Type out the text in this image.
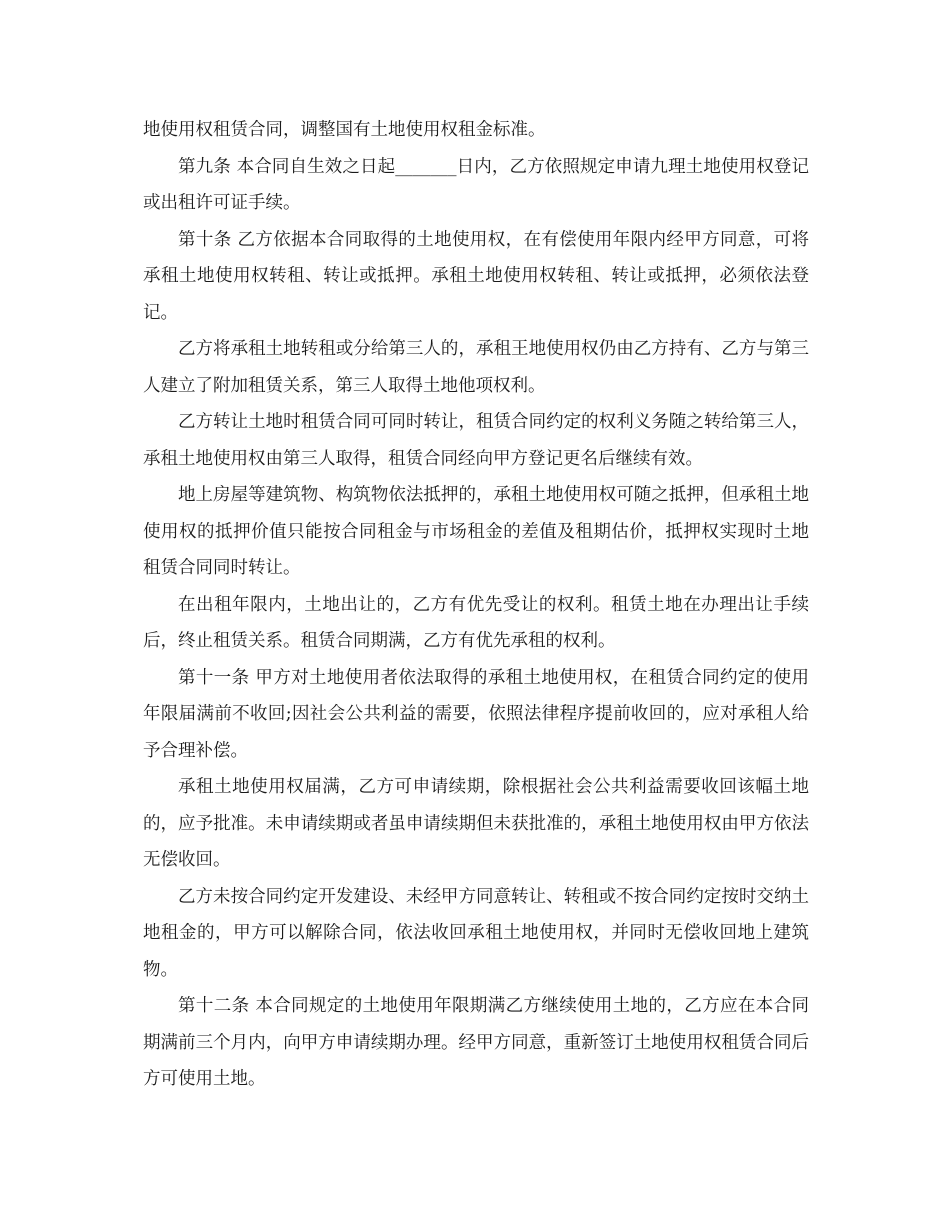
地使用权租赁合同，调整国有土地使用权租金标准。

第九条 本合同自生效之日起_______日内，乙方依照规定申请九理土地使用权登记或出租许可证手续。

第十条 乙方依据本合同取得的土地使用权，在有偿使用年限内经甲方同意，可将承租土地使用权转租、转让或抵押。承租土地使用权转租、转让或抵押，必须依法登记。

乙方将承租土地转租或分给第三人的，承租王地使用权仍由乙方持有、乙方与第三人建立了附加租赁关系，第三人取得土地他项权利。

乙方转让土地时租赁合同可同时转让，租赁合同约定的权利义务随之转给第三人，承租土地使用权由第三人取得，租赁合同经向甲方登记更名后继续有效。

地上房屋等建筑物、构筑物依法抵押的，承租土地使用权可随之抵押，但承租土地使用权的抵押价值只能按合同租金与市场租金的差值及租期估价，抵押权实现时土地 租赁合同同时转让。

在出租年限内，土地出让的，乙方有优先受让的权利。租赁土地在办理出让手续后，终止租赁关系。租赁合同期满，乙方有优先承租的权利。

第十一条 甲方对土地使用者依法取得的承租土地使用权，在租赁合同约定的使用年限届满前不收回;因社会公共利益的需要，依照法律程序提前收回的，应对承租人给予合理补偿。

承租土地使用权届满，乙方可申请续期，除根据社会公共利益需要收回该幅土地的，应予批准。未申请续期或者虽申请续期但未获批准的，承租土地使用权由甲方依法 无偿收回。

乙方未按合同约定开发建设、未经甲方同意转让、转租或不按合同约定按时交纳土地租金的，甲方可以解除合同，依法收回承租土地使用权，并同时无偿收回地上建筑物。

第十二条 本合同规定的土地使用年限期满乙方继续使用土地的，乙方应在本合同期满前三个月内，向甲方申请续期办理。经甲方同意，重新签订土地使用权租赁合同后方可使用土地。
